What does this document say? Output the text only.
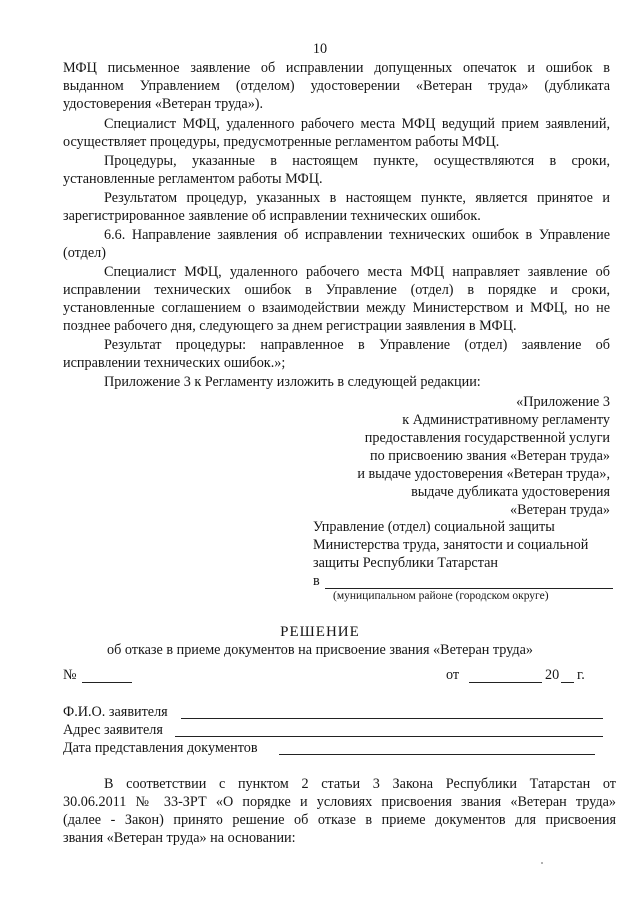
10
МФЦ письменное заявление об исправлении допущенных опечаток и ошибок в
выданном Управлением (отделом) удостоверении «Ветеран труда» (дубликата
удостоверения «Ветеран труда»).
Специалист МФЦ, удаленного рабочего места МФЦ ведущий прием заявлений,
осуществляет процедуры, предусмотренные регламентом работы МФЦ.
Процедуры, указанные в настоящем пункте, осуществляются в сроки,
установленные регламентом работы МФЦ.
Результатом процедур, указанных в настоящем пункте, является принятое и
зарегистрированное заявление об исправлении технических ошибок.
6.6. Направление заявления об исправлении технических ошибок в Управление
(отдел)
Специалист МФЦ, удаленного рабочего места МФЦ направляет заявление об
исправлении технических ошибок в Управление (отдел) в порядке и сроки,
установленные соглашением о взаимодействии между Министерством и МФЦ, но не
позднее рабочего дня, следующего за днем регистрации заявления в МФЦ.
Результат процедуры: направленное в Управление (отдел) заявление об
исправлении технических ошибок.»;
Приложение 3 к Регламенту изложить в следующей редакции:
«Приложение 3
к Административному регламенту
предоставления государственной услуги
по присвоению звания «Ветеран труда»
и выдаче удостоверения «Ветеран труда»,
выдаче дубликата удостоверения
«Ветеран труда»
Управление (отдел) социальной защиты
Министерства труда, занятости и социальной
защиты Республики Татарстан
в
(муниципальном районе (городском округе)
РЕШЕНИЕ
об отказе в приеме документов на присвоение звания «Ветеран труда»
№	от	20 г.
Ф.И.О. заявителя
Адрес заявителя
Дата представления документов
В соответствии с пунктом 2 статьи 3 Закона Республики Татарстан от
30.06.2011 № 33-ЗРТ «О порядке и условиях присвоения звания «Ветеран труда»
(далее - Закон) принято решение об отказе в приеме документов для присвоения
звания «Ветеран труда» на основании:
